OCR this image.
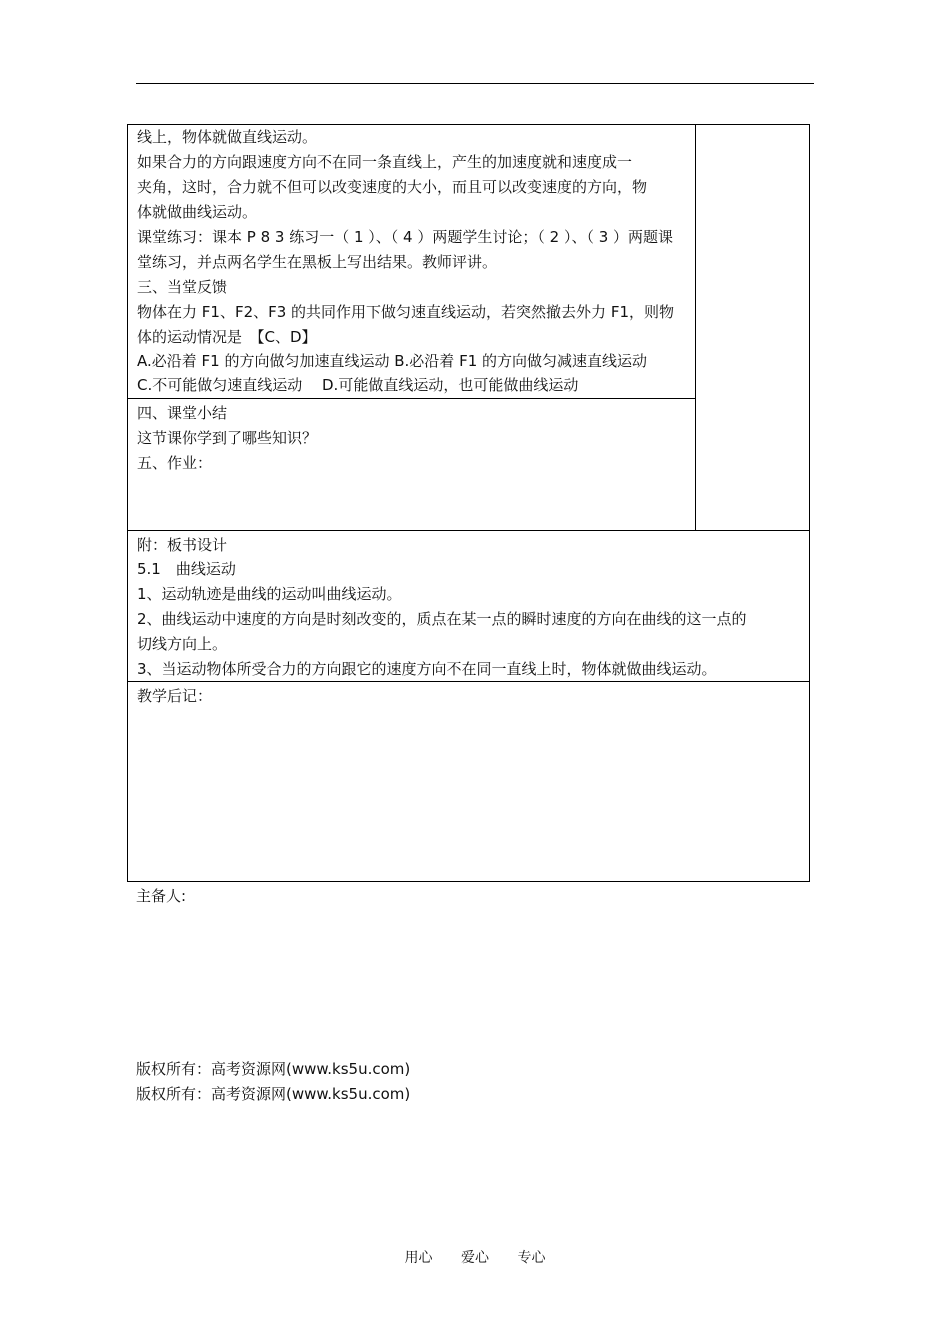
线上，物体就做直线运动。
如果合力的方向跟速度方向不在同一条直线上，产生的加速度就和速度成一
夹角，这时，合力就不但可以改变速度的大小，而且可以改变速度的方向，物
体就做曲线运动。
课堂练习：课本 P 8 3 练习一（ 1 ）、（ 4 ）两题学生讨论；（ 2 ）、（ 3 ）两题课
堂练习，并点两名学生在黑板上写出结果。教师评讲。
三、当堂反馈
物体在力 F1、F2、F3 的共同作用下做匀速直线运动，若突然撤去外力 F1，则物
体的运动情况是　【C、D】
A.必沿着 F1 的方向做匀加速直线运动 B.必沿着 F1 的方向做匀减速直线运动
C.不可能做匀速直线运动　 D.可能做直线运动，也可能做曲线运动
四、课堂小结
这节课你学到了哪些知识？
五、作业：
附：板书设计
5.1　曲线运动
1、运动轨迹是曲线的运动叫曲线运动。
2、曲线运动中速度的方向是时刻改变的，质点在某一点的瞬时速度的方向在曲线的这一点的
切线方向上。
3、当运动物体所受合力的方向跟它的速度方向不在同一直线上时，物体就做曲线运动。
教学后记：
主备人:
版权所有：高考资源网(www.ks5u.com)
版权所有：高考资源网(www.ks5u.com)
用心 爱心 专心
